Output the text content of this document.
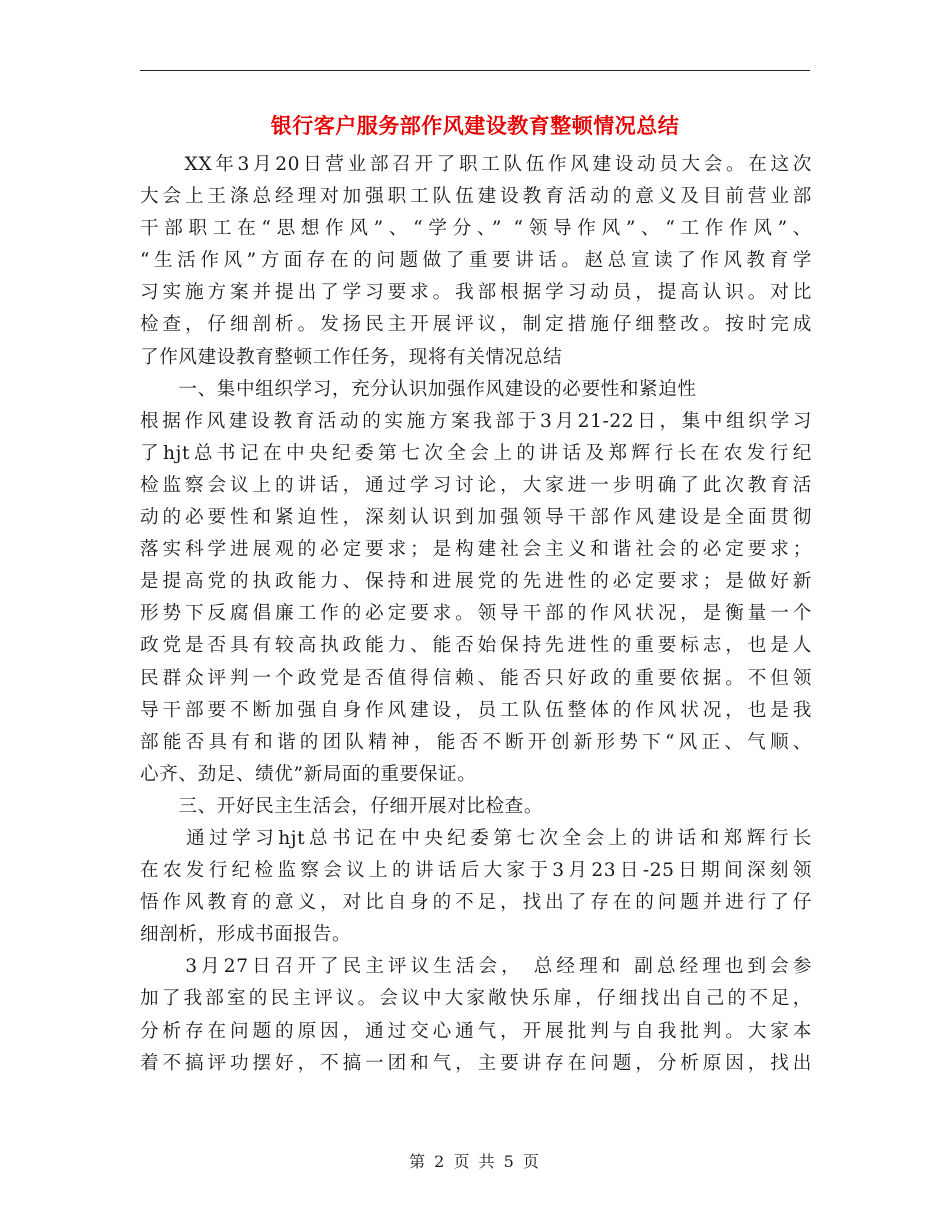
银行客户服务部作风建设教育整顿情况总结
　　XX年3月20日营业部召开了职工队伍作风建设动员大会。在这次
大会上王涤总经理对加强职工队伍建设教育活动的意义及目前营业部
干部职工在“思想作风”、“学分、” “领导作风”、“工作作风”、
“生活作风”方面存在的问题做了重要讲话。赵总宣读了作风教育学
习实施方案并提出了学习要求。我部根据学习动员，提高认识。对比
检查，仔细剖析。发扬民主开展评议，制定措施仔细整改。按时完成
了作风建设教育整顿工作任务，现将有关情况总结
　　一、集中组织学习，充分认识加强作风建设的必要性和紧迫性
根据作风建设教育活动的实施方案我部于3月21-22日，集中组织学习
了hjt总书记在中央纪委第七次全会上的讲话及郑辉行长在农发行纪
检监察会议上的讲话，通过学习讨论，大家进一步明确了此次教育活
动的必要性和紧迫性，深刻认识到加强领导干部作风建设是全面贯彻
落实科学进展观的必定要求；是构建社会主义和谐社会的必定要求；
是提高党的执政能力、保持和进展党的先进性的必定要求；是做好新
形势下反腐倡廉工作的必定要求。领导干部的作风状况，是衡量一个
政党是否具有较高执政能力、能否始保持先进性的重要标志，也是人
民群众评判一个政党是否值得信赖、能否只好政的重要依据。不但领
导干部要不断加强自身作风建设，员工队伍整体的作风状况，也是我
部能否具有和谐的团队精神，能否不断开创新形势下“风正、气顺、
心齐、劲足、绩优”新局面的重要保证。
　　三、开好民主生活会，仔细开展对比检查。
　　通过学习hjt总书记在中央纪委第七次全会上的讲话和郑辉行长
在农发行纪检监察会议上的讲话后大家于3月23日-25日期间深刻领
悟作风教育的意义，对比自身的不足，找出了存在的问题并进行了仔
细剖析，形成书面报告。
　　3月27日召开了民主评议生活会， 总经理和 副总经理也到会参
加了我部室的民主评议。会议中大家敞快乐扉，仔细找出自己的不足，
分析存在问题的原因，通过交心通气，开展批判与自我批判。大家本
着不搞评功摆好，不搞一团和气，主要讲存在问题，分析原因，找出
第 2 页 共 5 页
